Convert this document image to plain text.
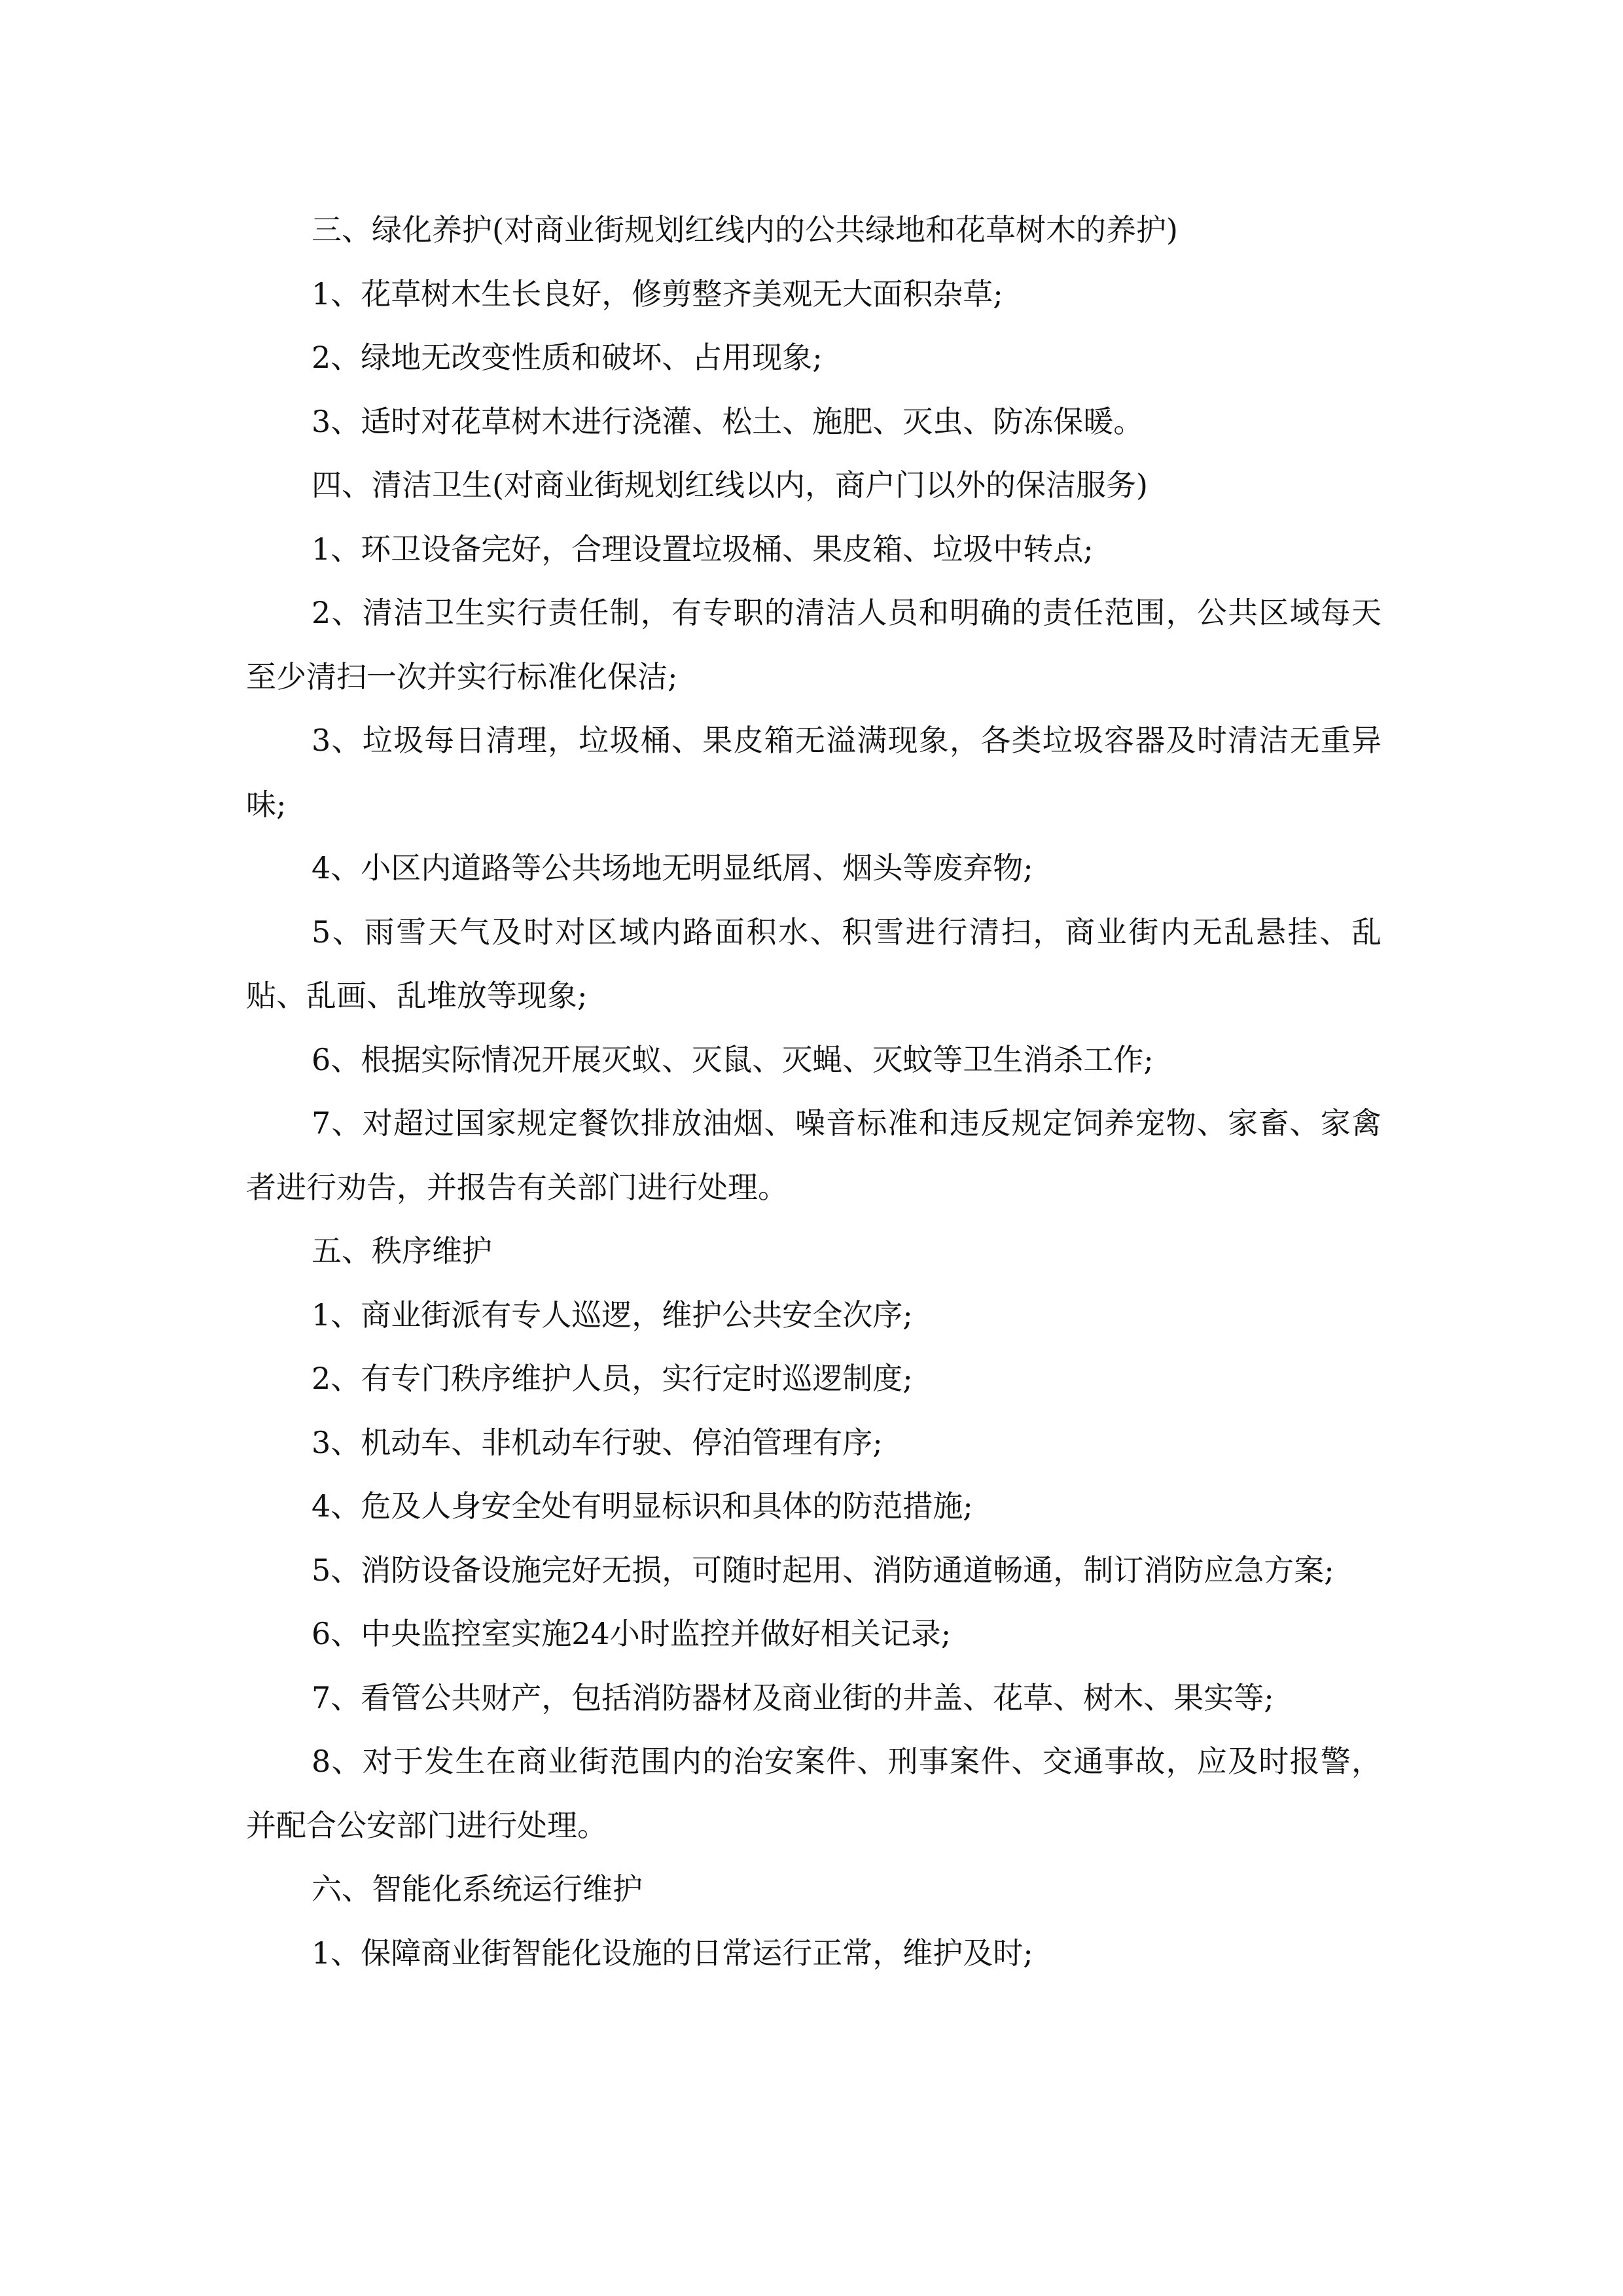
三、绿化养护(对商业街规划红线内的公共绿地和花草树木的养护)

1、花草树木生长良好，修剪整齐美观无大面积杂草;

2、绿地无改变性质和破坏、占用现象;

3、适时对花草树木进行浇灌、松土、施肥、灭虫、防冻保暖。

四、清洁卫生(对商业街规划红线以内，商户门以外的保洁服务)

1、环卫设备完好，合理设置垃圾桶、果皮箱、垃圾中转点;

2、清洁卫生实行责任制，有专职的清洁人员和明确的责任范围，公共区域每天至少清扫一次并实行标准化保洁;

3、垃圾每日清理，垃圾桶、果皮箱无溢满现象，各类垃圾容器及时清洁无重异味;

4、小区内道路等公共场地无明显纸屑、烟头等废弃物;

5、雨雪天气及时对区域内路面积水、积雪进行清扫，商业街内无乱悬挂、乱贴、乱画、乱堆放等现象;

6、根据实际情况开展灭蚁、灭鼠、灭蝇、灭蚊等卫生消杀工作;

7、对超过国家规定餐饮排放油烟、噪音标准和违反规定饲养宠物、家畜、家禽者进行劝告，并报告有关部门进行处理。

五、秩序维护

1、商业街派有专人巡逻，维护公共安全次序;

2、有专门秩序维护人员，实行定时巡逻制度;

3、机动车、非机动车行驶、停泊管理有序;

4、危及人身安全处有明显标识和具体的防范措施;

5、消防设备设施完好无损，可随时起用、消防通道畅通，制订消防应急方案;

6、中央监控室实施24小时监控并做好相关记录;

7、看管公共财产，包括消防器材及商业街的井盖、花草、树木、果实等;

8、对于发生在商业街范围内的治安案件、刑事案件、交通事故，应及时报警，并配合公安部门进行处理。

六、智能化系统运行维护

1、保障商业街智能化设施的日常运行正常，维护及时;
